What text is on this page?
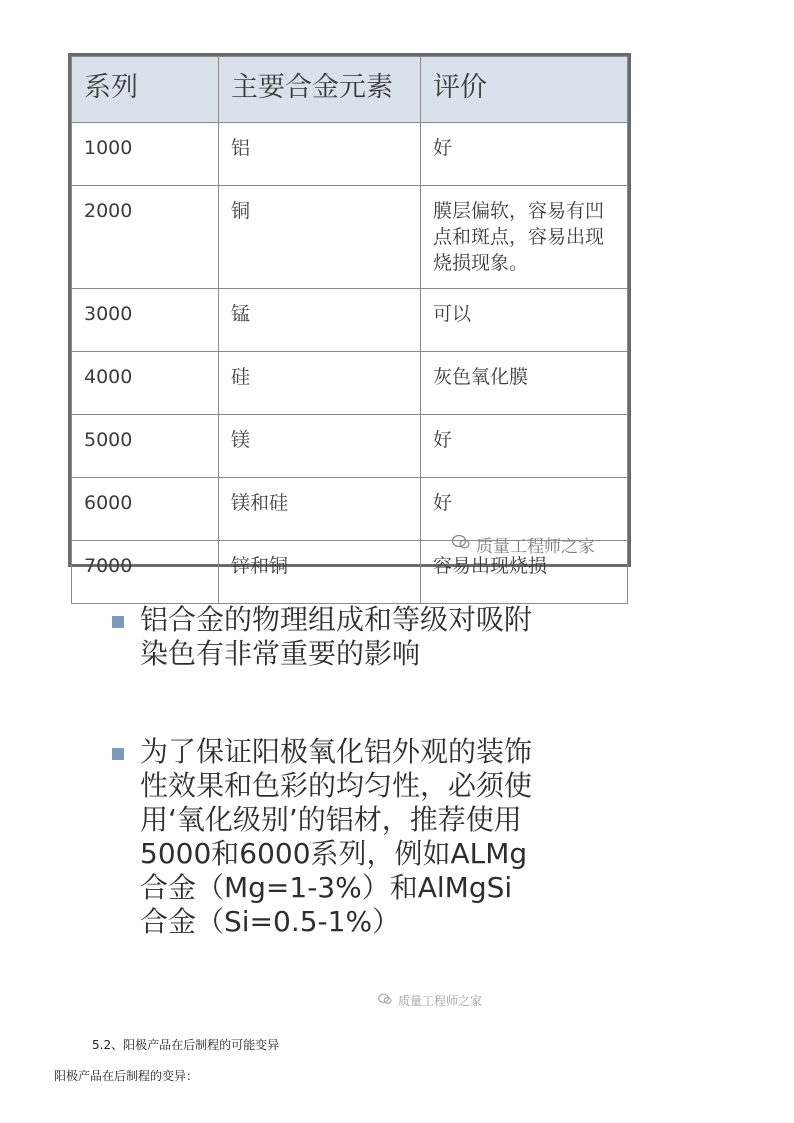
系列	主要合金元素	评价
1000	铝	好
2000	铜	膜层偏软，容易有凹点和斑点，容易出现烧损现象。
3000	锰	可以
4000	硅	灰色氧化膜
5000	镁	好
6000	镁和硅	好
7000	锌和铜	容易出现烧损
质量工程师之家
铝合金的物理组成和等级对吸附染色有非常重要的影响
为了保证阳极氧化铝外观的装饰性效果和色彩的均匀性，必须使用‘氧化级别’的铝材，推荐使用5000和6000系列，例如ALMg合金（Mg=1-3%）和AlMgSi合金（Si=0.5-1%）
质量工程师之家
5.2、阳极产品在后制程的可能变异
阳极产品在后制程的变异：
